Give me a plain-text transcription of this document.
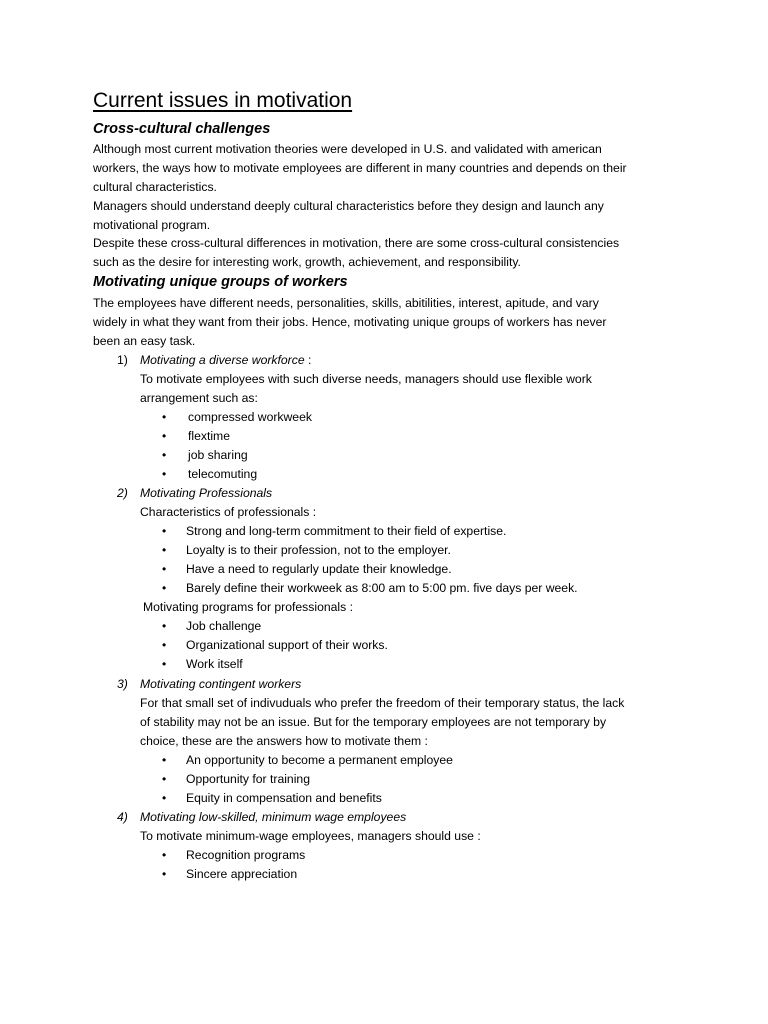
Current issues in motivation
Cross-cultural challenges
Although most current motivation theories were developed in U.S. and validated with american
workers, the ways how to motivate employees are different in many countries and depends on their
cultural characteristics.
Managers should understand deeply cultural characteristics before they design and launch any
motivational program.
Despite these cross-cultural differences in motivation, there are some cross-cultural consistencies
such as the desire for interesting work, growth, achievement, and responsibility.
Motivating unique groups of workers
The employees have different needs, personalities, skills, abitilities, interest, apitude, and vary
widely in what they want from their jobs. Hence, motivating unique groups of workers has never
been an easy task.
1) Motivating a diverse workforce :
To motivate employees with such diverse needs, managers should use flexible work
arrangement such as:
• compressed workweek
• flextime
• job sharing
• telecomuting
2) Motivating Professionals
Characteristics of professionals :
• Strong and long-term commitment to their field of expertise.
• Loyalty is to their profession, not to the employer.
• Have a need to regularly update their knowledge.
• Barely define their workweek as 8:00 am to 5:00 pm. five days per week.
Motivating programs for professionals :
• Job challenge
• Organizational support of their works.
• Work itself
3) Motivating contingent workers
For that small set of indivuduals who prefer the freedom of their temporary status, the lack
of stability may not be an issue. But for the temporary employees are not temporary by
choice, these are the answers how to motivate them :
• An opportunity to become a permanent employee
• Opportunity for training
• Equity in compensation and benefits
4) Motivating low-skilled, minimum wage employees
To motivate minimum-wage employees, managers should use :
• Recognition programs
• Sincere appreciation
